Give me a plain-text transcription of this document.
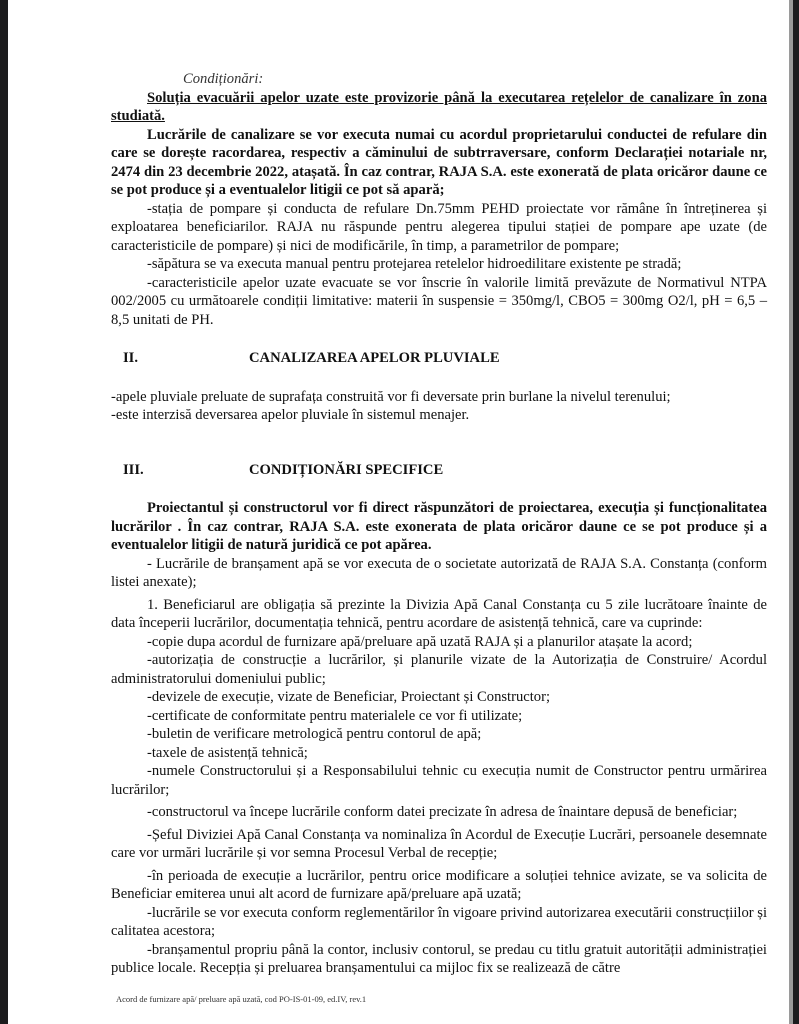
Condiționări:

Soluția evacuării apelor uzate este provizorie până la executarea rețelelor de canalizare în zona studiată.

Lucrările de canalizare se vor executa numai cu acordul proprietarului conductei de refulare din care se dorește racordarea, respectiv a căminului de subtrraversare, conform Declarației notariale nr, 2474 din 23 decembrie 2022, atașată. În caz contrar, RAJA S.A. este exonerată de plata oricăror daune ce se pot produce și a eventualelor litigii ce pot să apară;

-stația de pompare și conducta de refulare Dn.75mm PEHD proiectate vor rămâne în întreținerea și exploatarea beneficiarilor. RAJA nu răspunde pentru alegerea tipului stației de pompare ape uzate (de caracteristicile de pompare) și nici de modificările, în timp, a parametrilor de pompare;

-săpătura se va executa manual pentru protejarea retelelor hidroedilitare existente pe stradă;

-caracteristicile apelor uzate evacuate se vor înscrie în valorile limită prevăzute de Normativul NTPA 002/2005 cu următoarele condiții limitative: materii în suspensie = 350mg/l, CBO5 = 300mg O2/l, pH = 6,5 – 8,5 unitati de PH.

II.	CANALIZAREA APELOR PLUVIALE

-apele pluviale preluate de suprafața construită vor fi deversate prin burlane la nivelul terenului;

-este interzisă deversarea apelor pluviale în sistemul menajer.

III.	CONDIȚIONĂRI SPECIFICE

Proiectantul și constructorul vor fi direct răspunzători de proiectarea, execuția și funcționalitatea lucrărilor . În caz contrar, RAJA S.A. este exonerata de plata oricăror daune ce se pot produce și a eventualelor litigii de natură juridică ce pot apărea.

- Lucrările de branșament apă se vor executa de o societate autorizată de RAJA S.A. Constanța (conform listei anexate);

1. Beneficiarul are obligația să prezinte la Divizia Apă Canal Constanța cu 5 zile lucrătoare înainte de data începerii lucrărilor, documentația tehnică, pentru acordare de asistență tehnică, care va cuprinde:

-copie dupa acordul de furnizare apă/preluare apă uzată RAJA și a planurilor atașate la acord;

-autorizația de construcție a lucrărilor, și planurile vizate de la Autorizația de Construire/ Acordul administratorului domeniului public;

-devizele de execuție, vizate de Beneficiar, Proiectant și Constructor;

-certificate de conformitate pentru materialele ce vor fi utilizate;

-buletin de verificare metrologică pentru contorul de apă;

-taxele de asistență tehnică;

-numele Constructorului și a Responsabilului tehnic cu execuția numit de Constructor pentru urmărirea lucrărilor;

-constructorul va începe lucrările conform datei precizate în adresa de înaintare depusă de beneficiar;

-Șeful Diviziei Apă Canal Constanța va nominaliza în Acordul de Execuție Lucrări, persoanele desemnate care vor urmări lucrările și vor semna Procesul Verbal de recepție;

-în perioada de execuție a lucrărilor, pentru orice modificare a soluției tehnice avizate, se va solicita de Beneficiar emiterea unui alt acord de furnizare apă/preluare apă uzată;

-lucrările se vor executa conform reglementărilor în vigoare privind autorizarea executării construcțiilor și calitatea acestora;

-branșamentul propriu până la contor, inclusiv contorul, se predau cu titlu gratuit autorității administrației publice locale. Recepția și preluarea branșamentului ca mijloc fix se realizează de către

Acord de furnizare apă/ preluare apă uzată, cod PO-IS-01-09, ed.IV, rev.1
